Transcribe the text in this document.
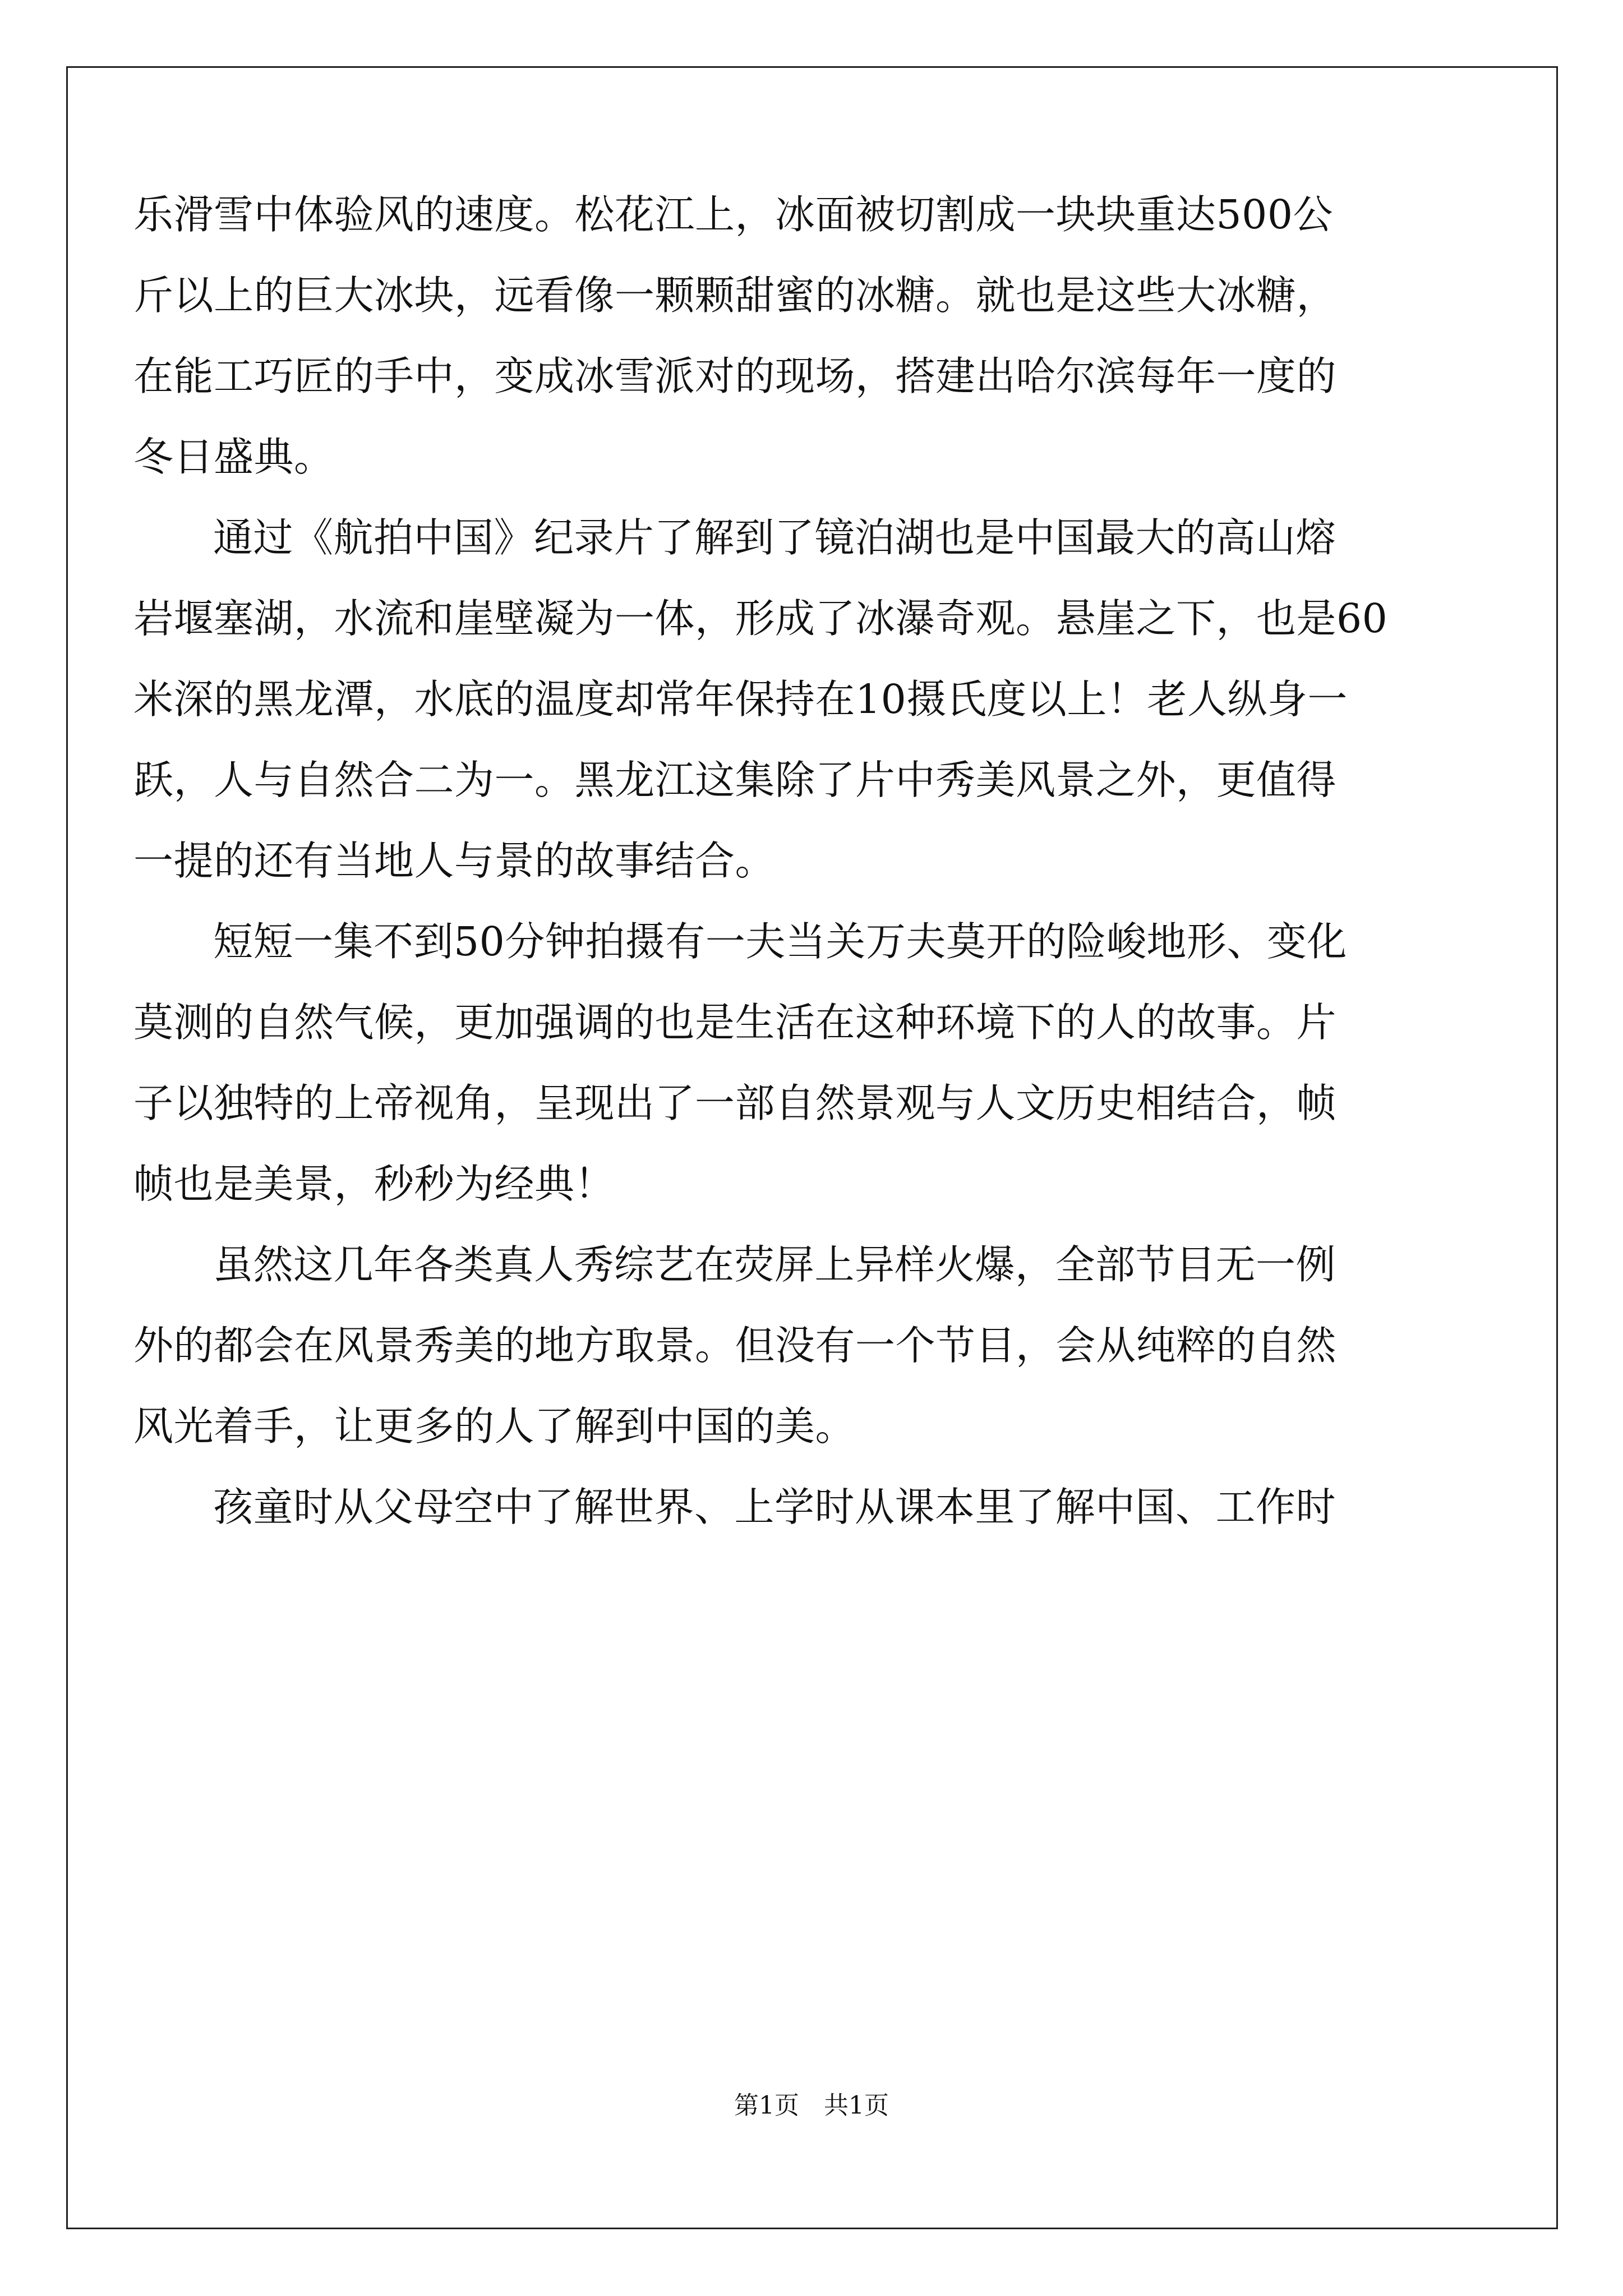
乐滑雪中体验风的速度。松花江上，冰面被切割成一块块重达500公
斤以上的巨大冰块，远看像一颗颗甜蜜的冰糖。就也是这些大冰糖，
在能工巧匠的手中，变成冰雪派对的现场，搭建出哈尔滨每年一度的
冬日盛典。
通过《航拍中国》纪录片了解到了镜泊湖也是中国最大的高山熔
岩堰塞湖，水流和崖壁凝为一体，形成了冰瀑奇观。悬崖之下，也是60
米深的黑龙潭，水底的温度却常年保持在10摄氏度以上！老人纵身一
跃，人与自然合二为一。黑龙江这集除了片中秀美风景之外，更值得
一提的还有当地人与景的故事结合。
短短一集不到50分钟拍摄有一夫当关万夫莫开的险峻地形、变化
莫测的自然气候，更加强调的也是生活在这种环境下的人的故事。片
子以独特的上帝视角，呈现出了一部自然景观与人文历史相结合，帧
帧也是美景，秒秒为经典！
虽然这几年各类真人秀综艺在荧屏上异样火爆，全部节目无一例
外的都会在风景秀美的地方取景。但没有一个节目，会从纯粹的自然
风光着手，让更多的人了解到中国的美。
孩童时从父母空中了解世界、上学时从课本里了解中国、工作时
第1页 共1页
